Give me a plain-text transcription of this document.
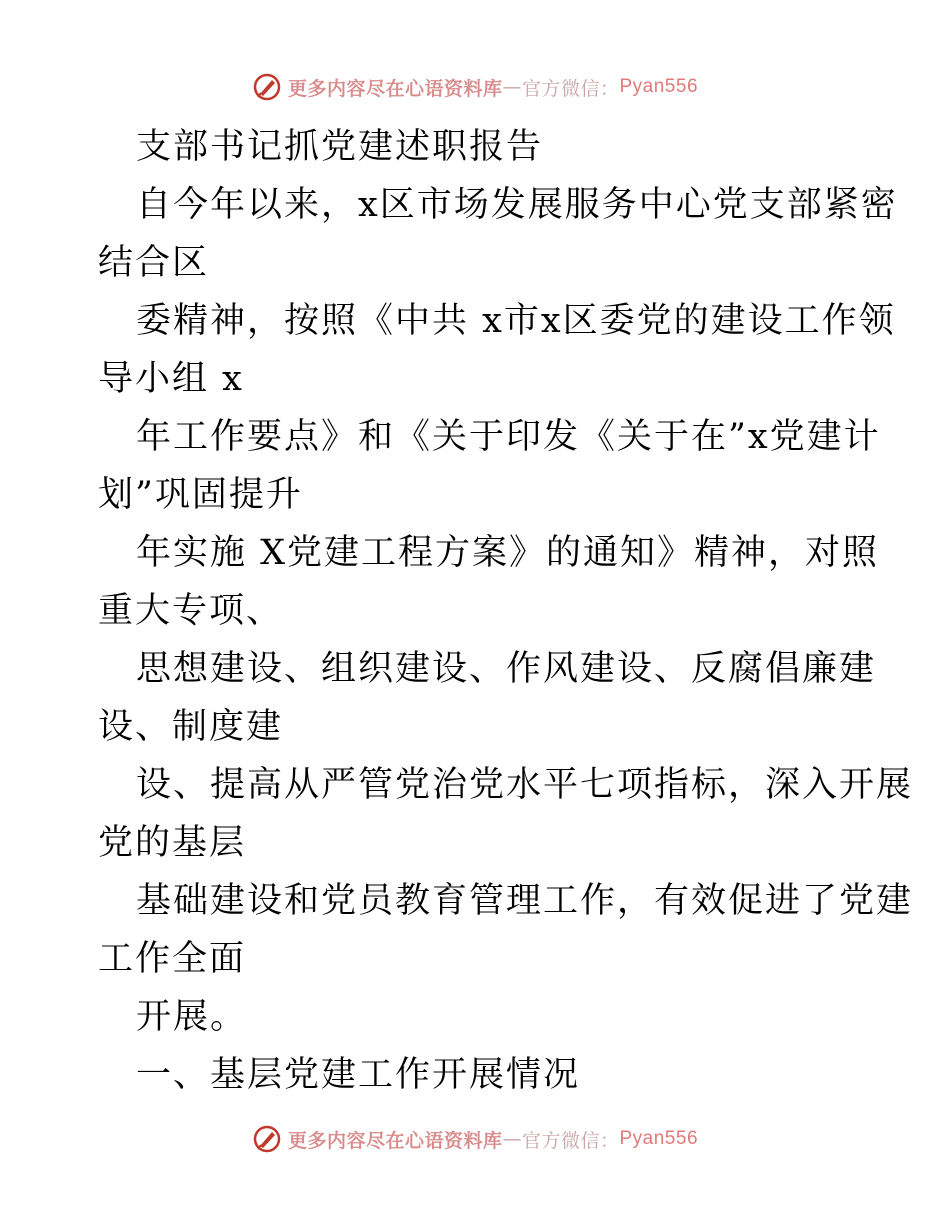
更多内容尽在心语资料库 — 官方微信： Pyan556
支部书记抓党建述职报告
自今年以来，x区市场发展服务中心党支部紧密
结合区
委精神，按照《中共 x市x区委党的建设工作领
导小组 x
年工作要点》和《关于印发《关于在”x党建计
划”巩固提升
年实施 X党建工程方案》的通知》精神，对照
重大专项、
思想建设、组织建设、作风建设、反腐倡廉建
设、制度建
设、提高从严管党治党水平七项指标，深入开展
党的基层
基础建设和党员教育管理工作，有效促进了党建
工作全面
开展。
一、基层党建工作开展情况
更多内容尽在心语资料库 — 官方微信： Pyan556
